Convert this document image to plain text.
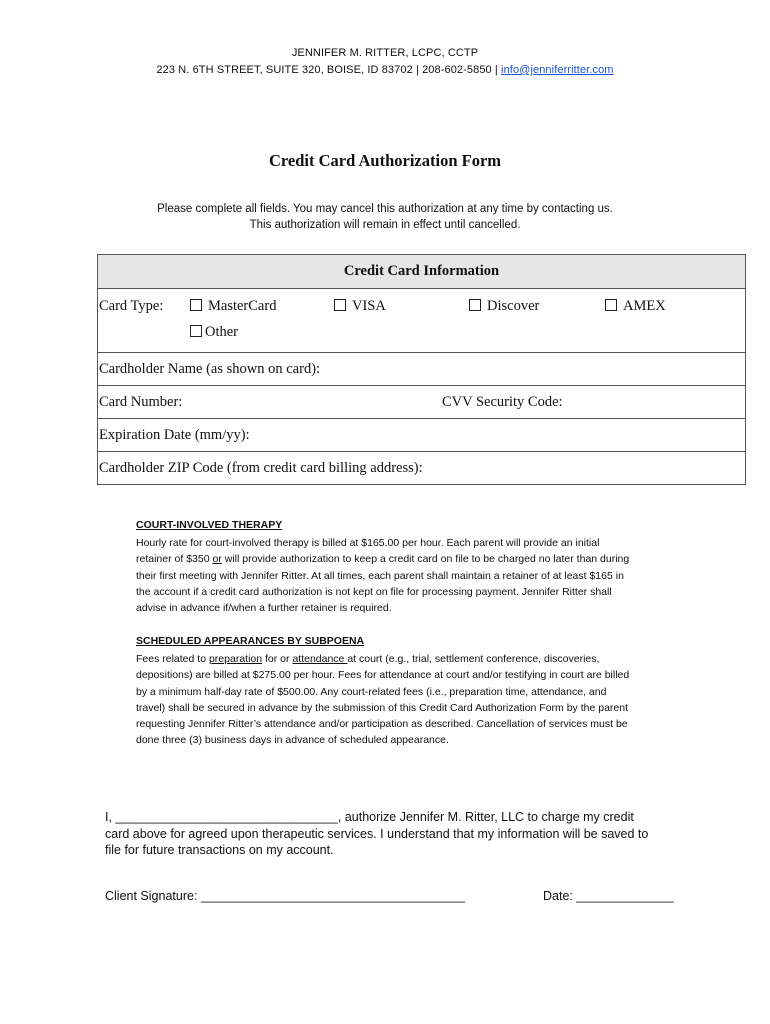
JENNIFER M. RITTER, LCPC, CCTP
223 N. 6TH STREET, SUITE 320, BOISE, ID 83702 | 208-602-5850 | info@jenniferritter.com
Credit Card Authorization Form
Please complete all fields. You may cancel this authorization at any time by contacting us.
This authorization will remain in effect until cancelled.
Credit Card Information

Card Type:	MasterCard	VISA	Discover	AMEX
Other

Cardholder Name (as shown on card):

Card Number:	CVV Security Code:

Expiration Date (mm/yy):

Cardholder ZIP Code (from credit card billing address):
COURT-INVOLVED THERAPY
Hourly rate for court-involved therapy is billed at $165.00 per hour. Each parent will provide an initial
retainer of $350 or will provide authorization to keep a credit card on file to be charged no later than during
their first meeting with Jennifer Ritter. At all times, each parent shall maintain a retainer of at least $165 in
the account if a credit card authorization is not kept on file for processing payment. Jennifer Ritter shall
advise in advance if/when a further retainer is required.
SCHEDULED APPEARANCES BY SUBPOENA
Fees related to preparation for or attendance at court (e.g., trial, settlement conference, discoveries,
depositions) are billed at $275.00 per hour. Fees for attendance at court and/or testifying in court are billed
by a minimum half-day rate of $500.00. Any court-related fees (i.e., preparation time, attendance, and
travel) shall be secured in advance by the submission of this Credit Card Authorization Form by the parent
requesting Jennifer Ritter’s attendance and/or participation as described. Cancellation of services must be
done three (3) business days in advance of scheduled appearance.
I, ________________________________, authorize Jennifer M. Ritter, LLC to charge my credit
card above for agreed upon therapeutic services. I understand that my information will be saved to
file for future transactions on my account.
Client Signature: ______________________________________	Date: ______________
